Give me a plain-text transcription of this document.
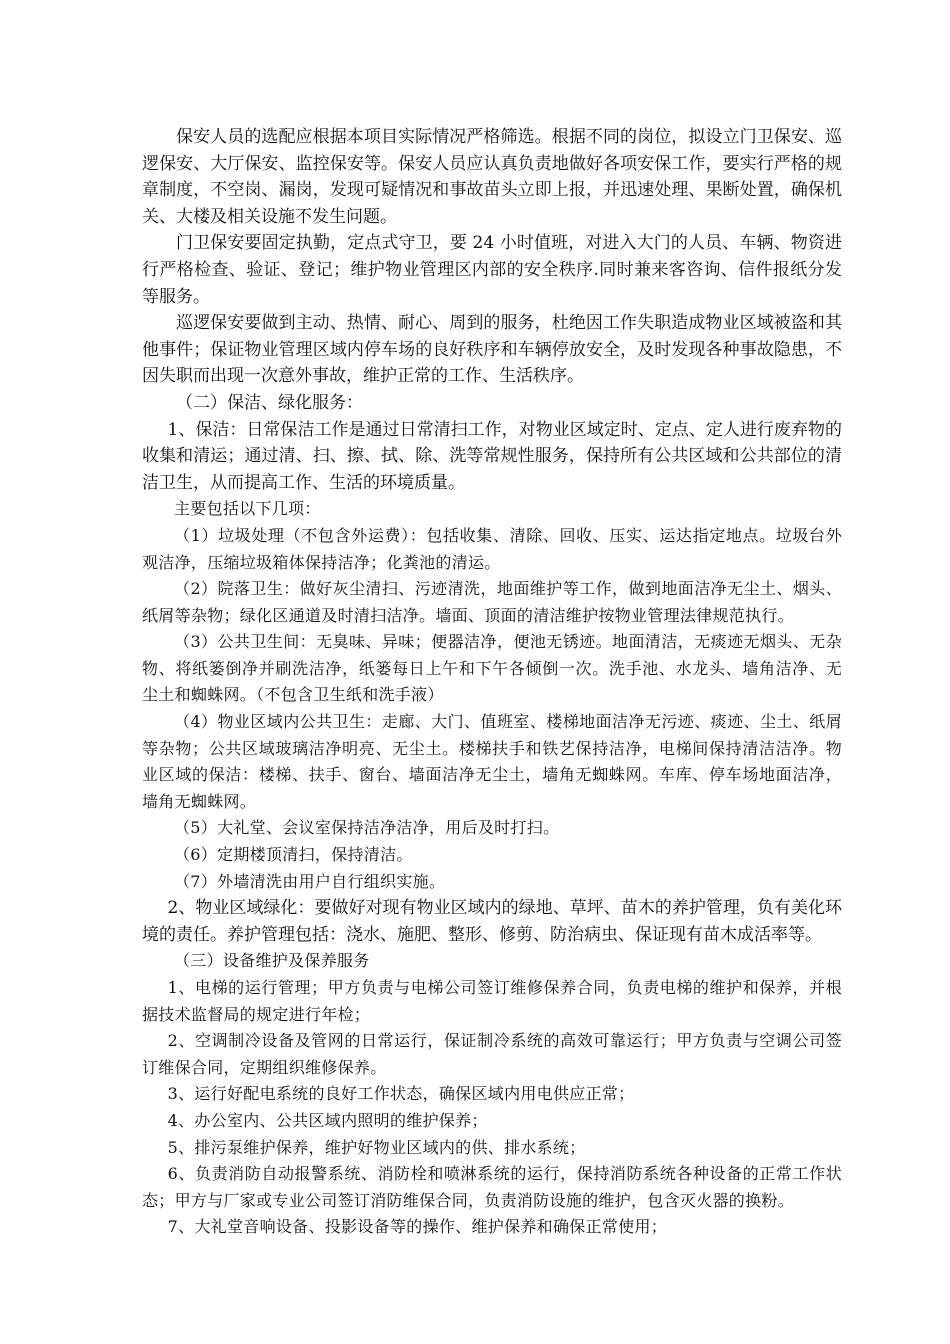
保安人员的选配应根据本项目实际情况严格筛选。根据不同的岗位，拟设立门卫保安、巡逻保安、大厅保安、监控保安等。保安人员应认真负责地做好各项安保工作，要实行严格的规章制度，不空岗、漏岗，发现可疑情况和事故苗头立即上报，并迅速处理、果断处置，确保机关、大楼及相关设施不发生问题。

门卫保安要固定执勤，定点式守卫，要 24 小时值班，对进入大门的人员、车辆、物资进行严格检查、验证、登记；维护物业管理区内部的安全秩序.同时兼来客咨询、信件报纸分发等服务。

巡逻保安要做到主动、热情、耐心、周到的服务，杜绝因工作失职造成物业区域被盗和其他事件；保证物业管理区域内停车场的良好秩序和车辆停放安全，及时发现各种事故隐患，不因失职而出现一次意外事故，维护正常的工作、生活秩序。

（二）保洁、绿化服务：

1、保洁：日常保洁工作是通过日常清扫工作，对物业区域定时、定点、定人进行废弃物的收集和清运；通过清、扫、擦、拭、除、洗等常规性服务，保持所有公共区域和公共部位的清洁卫生，从而提高工作、生活的环境质量。

主要包括以下几项：

（1）垃圾处理（不包含外运费）：包括收集、清除、回收、压实、运达指定地点。垃圾台外观洁净，压缩垃圾箱体保持洁净；化粪池的清运。

（2）院落卫生：做好灰尘清扫、污迹清洗，地面维护等工作，做到地面洁净无尘土、烟头、纸屑等杂物；绿化区通道及时清扫洁净。墙面、顶面的清洁维护按物业管理法律规范执行。

（3）公共卫生间：无臭味、异味；便器洁净，便池无锈迹。地面清洁，无痰迹无烟头、无杂物、将纸篓倒净并刷洗洁净，纸篓每日上午和下午各倾倒一次。洗手池、水龙头、墙角洁净、无尘土和蜘蛛网。（不包含卫生纸和洗手液）

（4）物业区域内公共卫生：走廊、大门、值班室、楼梯地面洁净无污迹、痰迹、尘土、纸屑等杂物；公共区域玻璃洁净明亮、无尘土。楼梯扶手和铁艺保持洁净，电梯间保持清洁洁净。物业区域的保洁：楼梯、扶手、窗台、墙面洁净无尘土，墙角无蜘蛛网。车库、停车场地面洁净，墙角无蜘蛛网。

（5）大礼堂、会议室保持洁净洁净，用后及时打扫。

（6）定期楼顶清扫，保持清洁。

（7）外墙清洗由用户自行组织实施。

2、物业区域绿化：要做好对现有物业区域内的绿地、草坪、苗木的养护管理，负有美化环境的责任。养护管理包括：浇水、施肥、整形、修剪、防治病虫、保证现有苗木成活率等。

（三）设备维护及保养服务

1、电梯的运行管理；甲方负责与电梯公司签订维修保养合同，负责电梯的维护和保养，并根据技术监督局的规定进行年检；

2、空调制冷设备及管网的日常运行，保证制冷系统的高效可靠运行；甲方负责与空调公司签订维保合同，定期组织维修保养。

3、运行好配电系统的良好工作状态，确保区域内用电供应正常；

4、办公室内、公共区域内照明的维护保养；

5、排污泵维护保养，维护好物业区域内的供、排水系统；

6、负责消防自动报警系统、消防栓和喷淋系统的运行，保持消防系统各种设备的正常工作状态；甲方与厂家或专业公司签订消防维保合同，负责消防设施的维护，包含灭火器的换粉。

7、大礼堂音响设备、投影设备等的操作、维护保养和确保正常使用；
